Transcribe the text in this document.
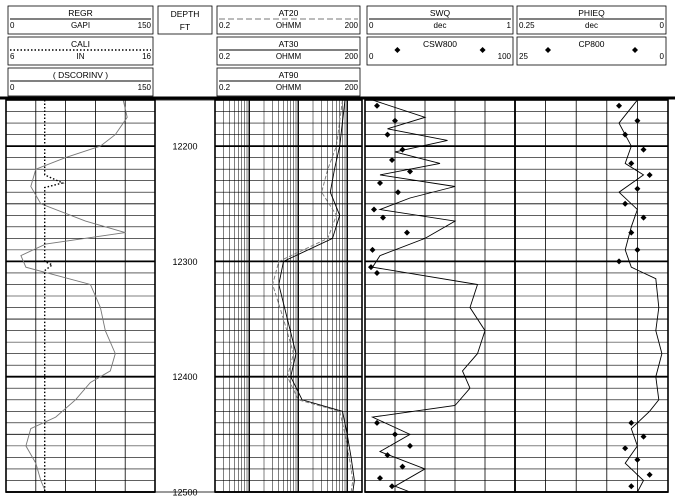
REGR
GAPI
0	150
CALI
IN
6	16
( DSCORINV )
0	150
DEPTH
FT
AT20
OHMM
0.2	200
AT30
OHMM
0.2	200
AT90
OHMM
0.2	200
SWQ
dec
0	1
CSW800
0	100
PHIEQ
dec
0.25	0
CP800
25	0
12200
12300
12400
12500
